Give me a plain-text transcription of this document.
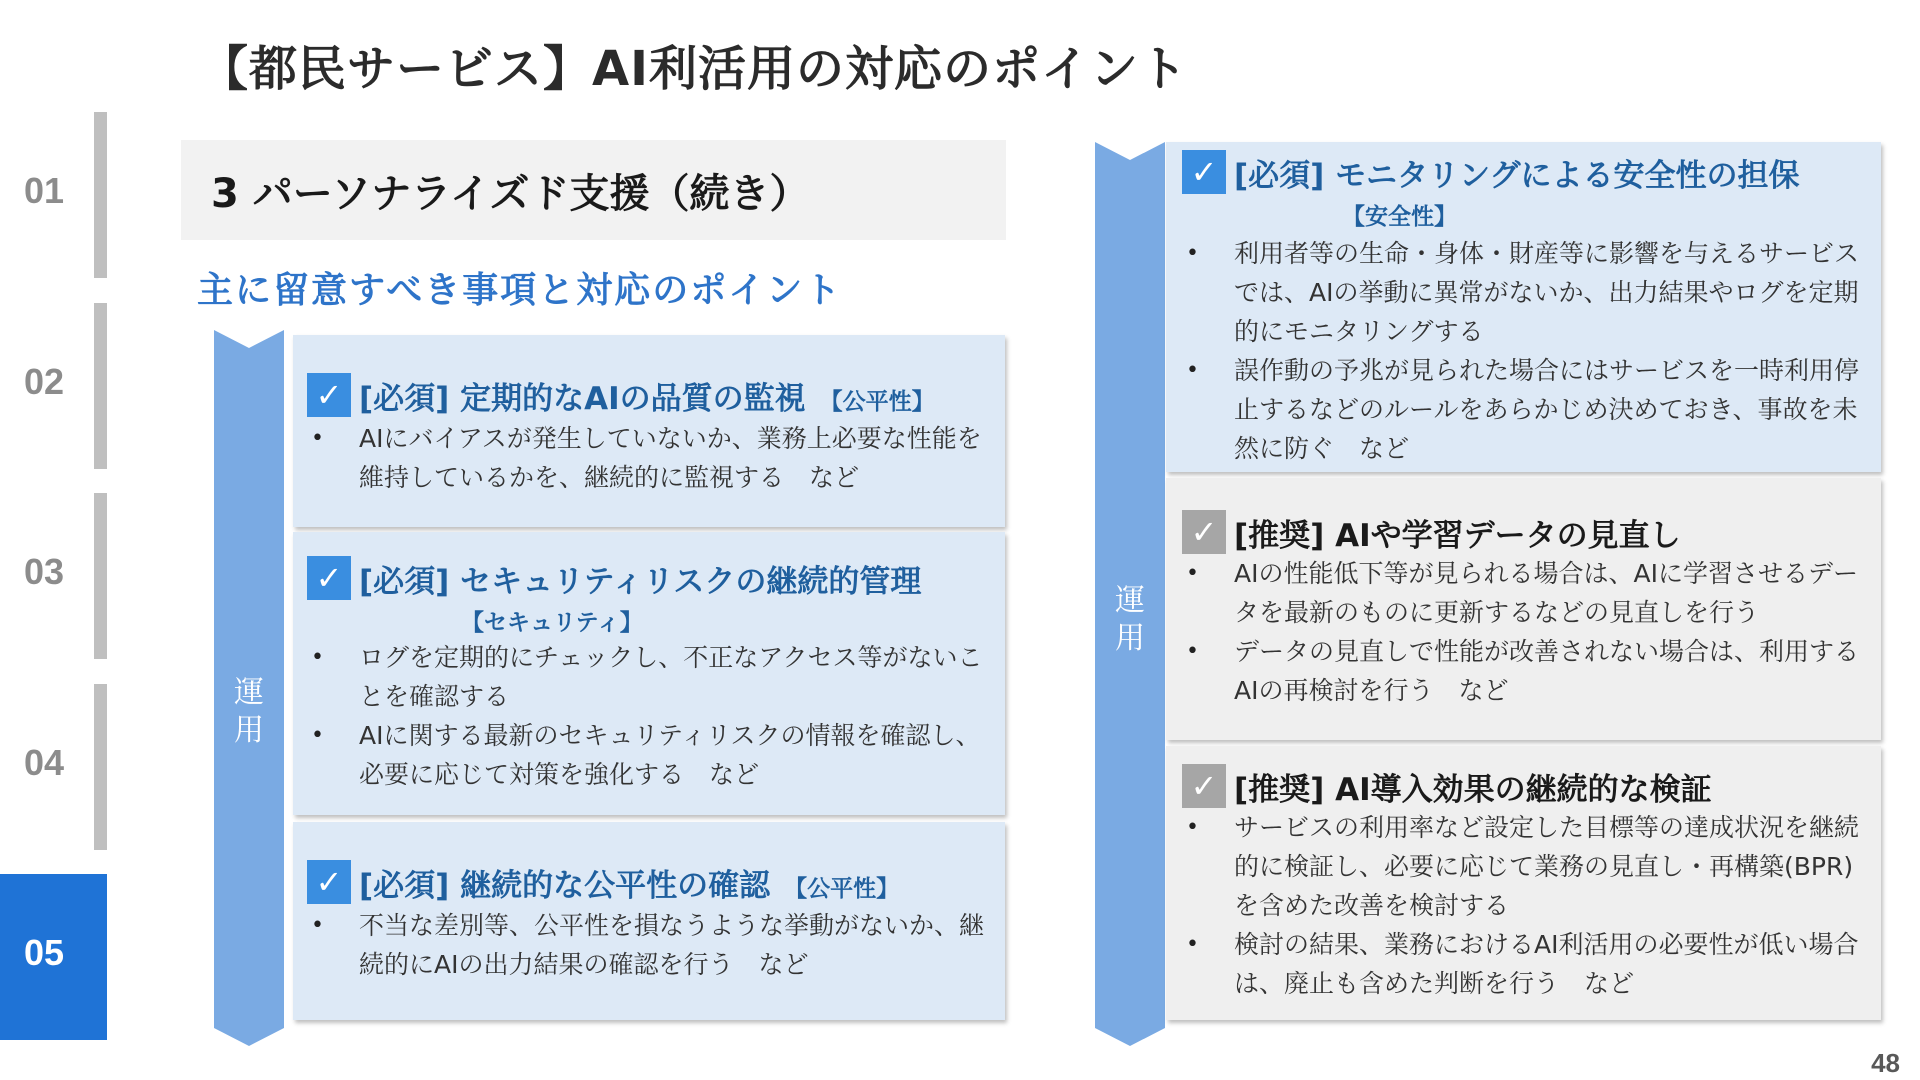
【都民サービス】AI利活用の対応のポイント
01
02
03
04
05
3 パーソナライズド支援（続き）
主に留意すべき事項と対応のポイント
運
用
✓ [必須] 定期的なAIの品質の監視 【公平性】
• AIにバイアスが発生していないか、業務上必要な性能を維持しているかを、継続的に監視する　など
✓ [必須] セキュリティリスクの継続的管理
【セキュリティ】
• ログを定期的にチェックし、不正なアクセス等がないことを確認する
• AIに関する最新のセキュリティリスクの情報を確認し、必要に応じて対策を強化する　など
✓ [必須] 継続的な公平性の確認 【公平性】
• 不当な差別等、公平性を損なうような挙動がないか、継続的にAIの出力結果の確認を行う　など
運
用
✓ [必須] モニタリングによる安全性の担保
【安全性】
• 利用者等の生命・身体・財産等に影響を与えるサービスでは、AIの挙動に異常がないか、出力結果やログを定期的にモニタリングする
• 誤作動の予兆が見られた場合にはサービスを一時利用停止するなどのルールをあらかじめ決めておき、事故を未然に防ぐ　など
✓ [推奨] AIや学習データの見直し
• AIの性能低下等が見られる場合は、AIに学習させるデータを最新のものに更新するなどの見直しを行う
• データの見直しで性能が改善されない場合は、利用するAIの再検討を行う　など
✓ [推奨] AI導入効果の継続的な検証
• サービスの利用率など設定した目標等の達成状況を継続的に検証し、必要に応じて業務の見直し・再構築(BPR)を含めた改善を検討する
• 検討の結果、業務におけるAI利活用の必要性が低い場合は、廃止も含めた判断を行う　など
48
